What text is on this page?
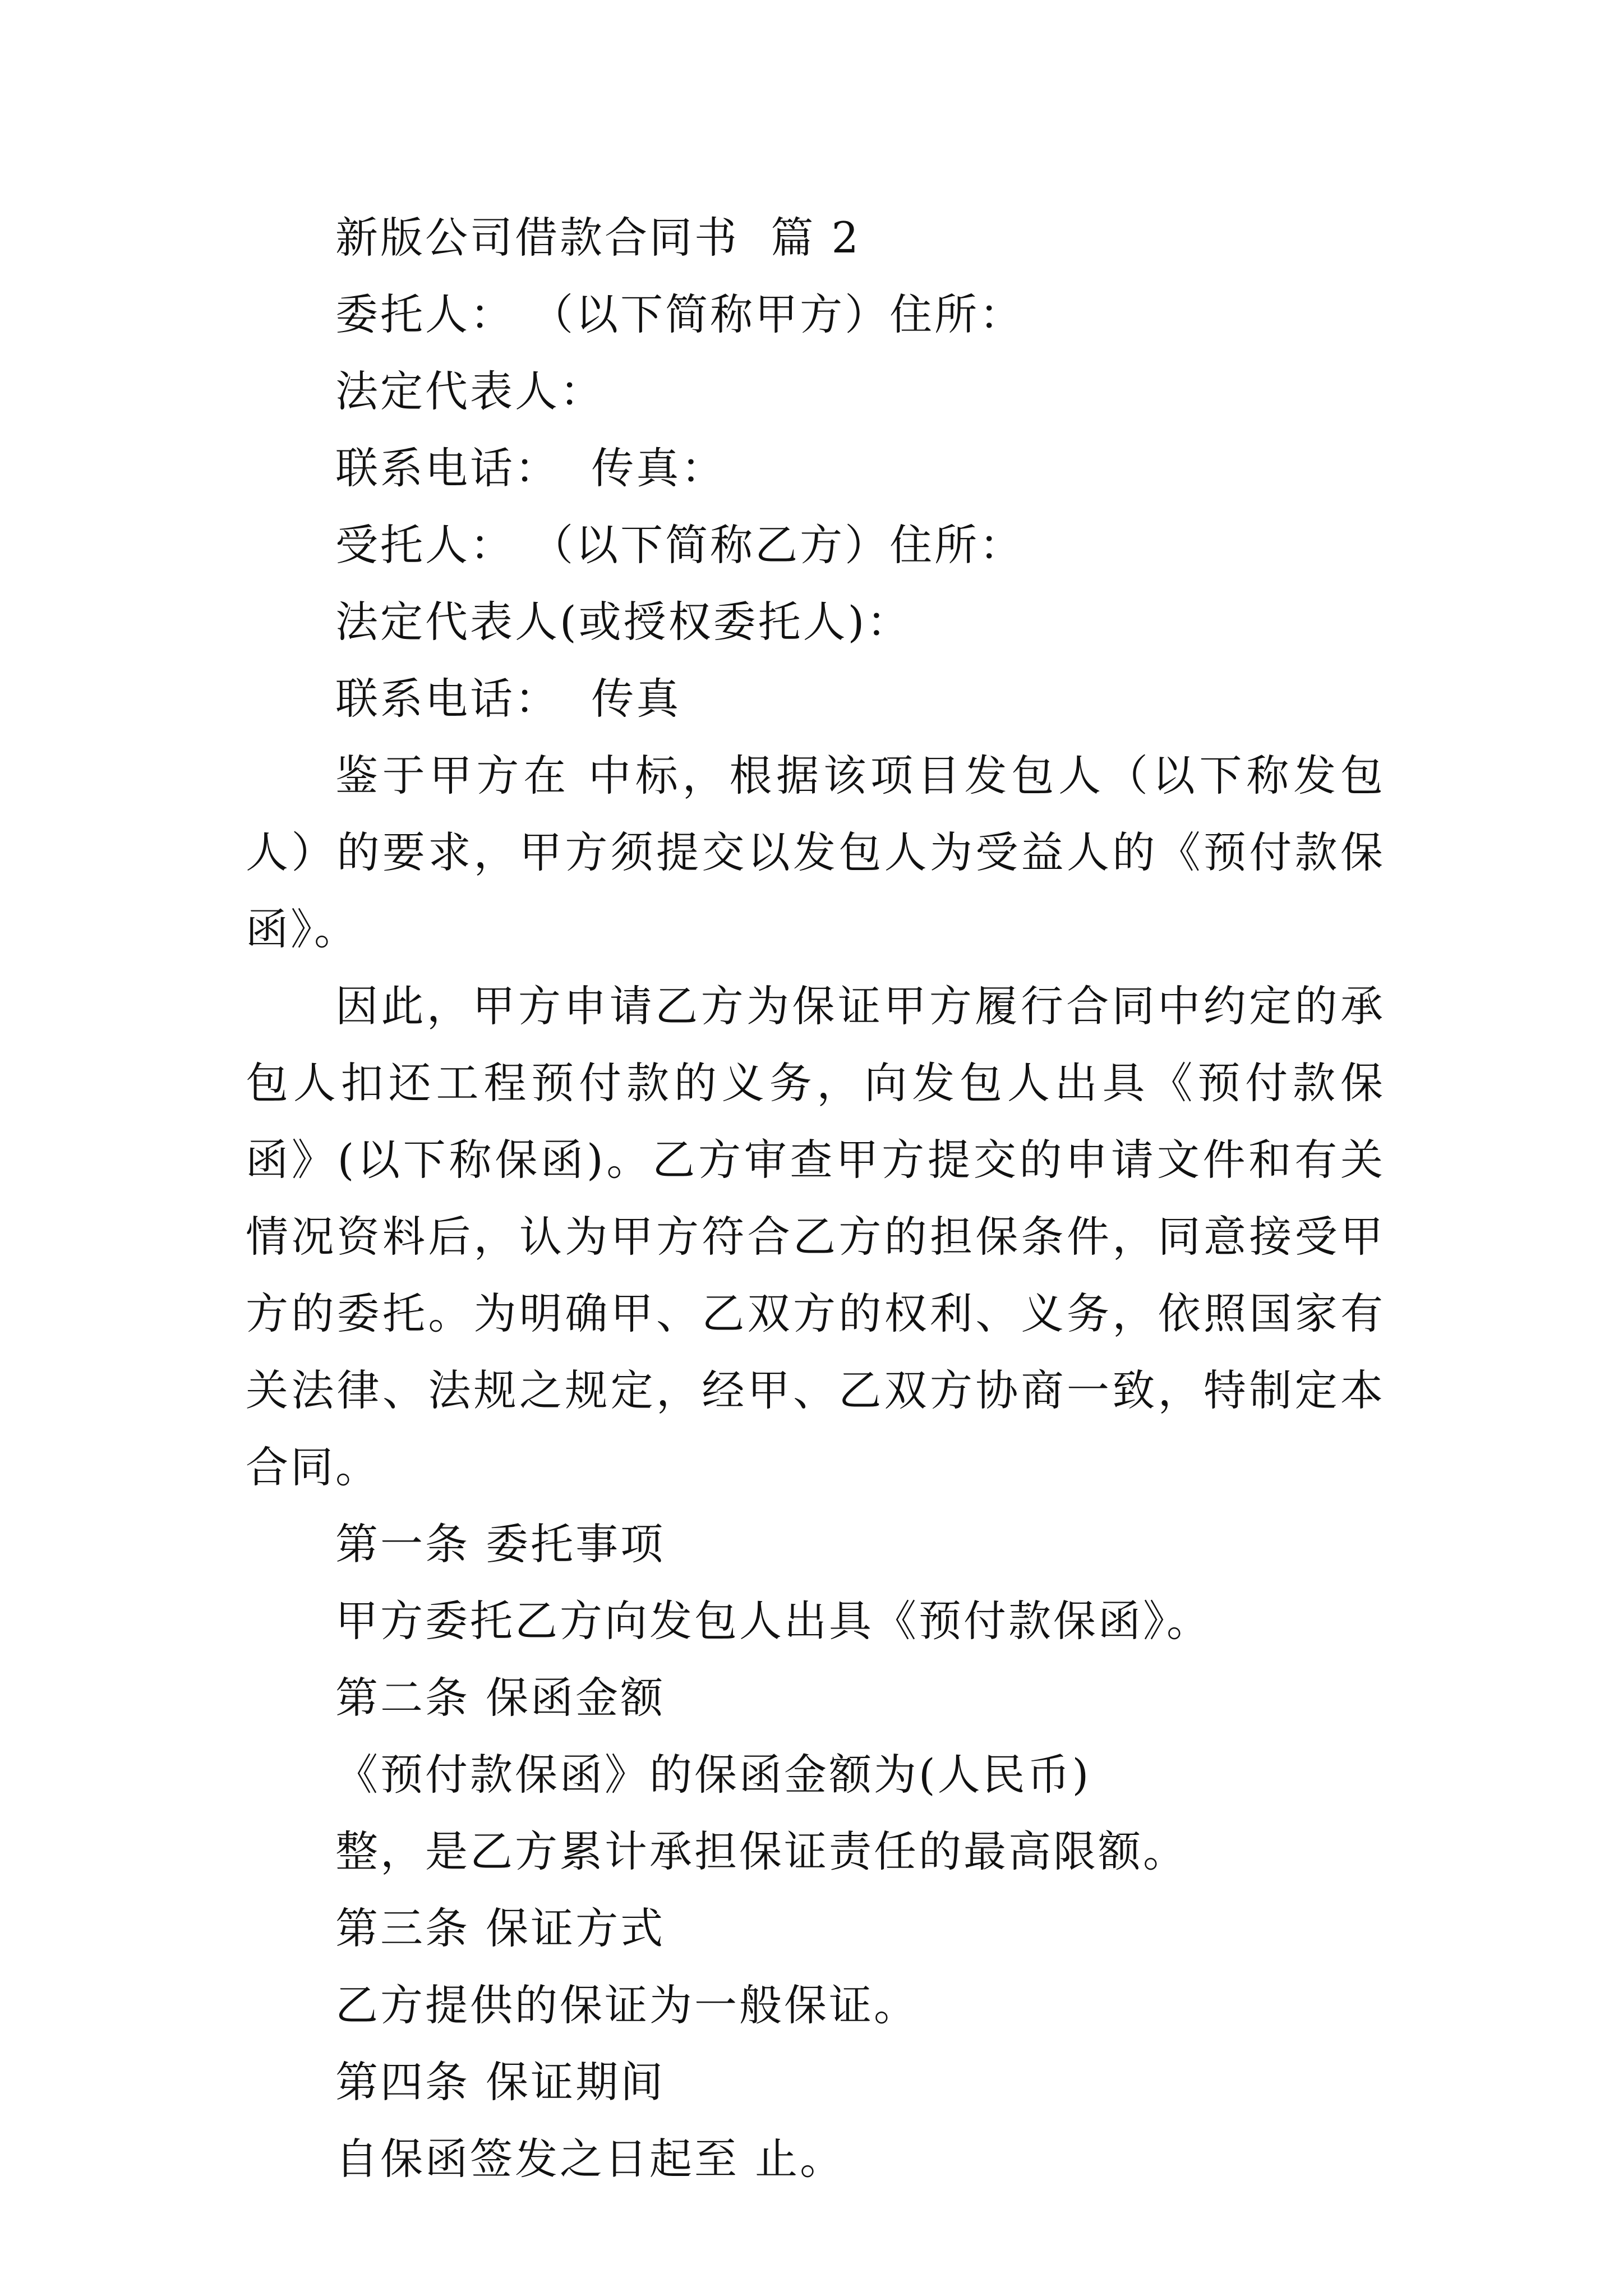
新版公司借款合同书  篇 2
委托人： （以下简称甲方）住所：
法定代表人：
联系电话：  传真：
受托人： （以下简称乙方）住所：
法定代表人(或授权委托人)：
联系电话：  传真
鉴于甲方在 中标，根据该项目发包人（以下称发包人）的要求，甲方须提交以发包人为受益人的《预付款保函》。
因此，甲方申请乙方为保证甲方履行合同中约定的承包人扣还工程预付款的义务，向发包人出具《预付款保函》(以下称保函)。乙方审查甲方提交的申请文件和有关情况资料后，认为甲方符合乙方的担保条件，同意接受甲方的委托。为明确甲、乙双方的权利、义务，依照国家有关法律、法规之规定，经甲、乙双方协商一致，特制定本合同。
第一条 委托事项
甲方委托乙方向发包人出具《预付款保函》。
第二条 保函金额
《预付款保函》的保函金额为(人民币)
整，是乙方累计承担保证责任的最高限额。
第三条 保证方式
乙方提供的保证为一般保证。
第四条 保证期间
自保函签发之日起至 止。
